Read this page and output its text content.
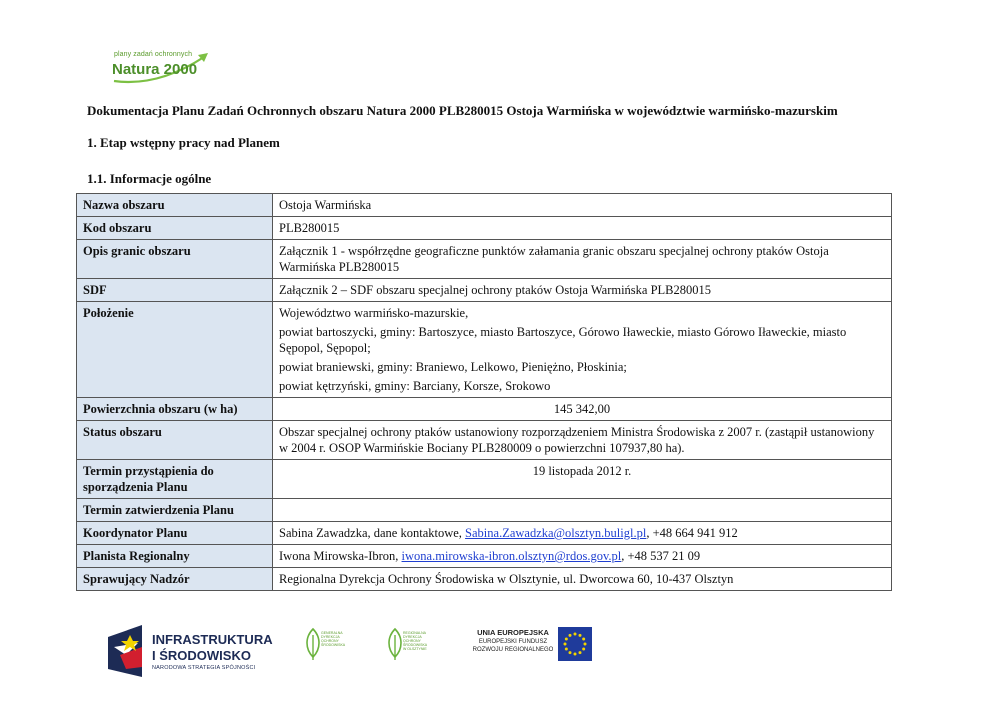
plany zadań ochronnych
Natura 2000
Dokumentacja Planu Zadań Ochronnych obszaru Natura 2000 PLB280015 Ostoja Warmińska w województwie warmińsko-mazurskim
1. Etap wstępny pracy nad Planem
1.1. Informacje ogólne
Nazwa obszaru	Ostoja Warmińska
Kod obszaru	PLB280015
Opis granic obszaru	Załącznik 1 - współrzędne geograficzne punktów załamania granic obszaru specjalnej ochrony ptaków Ostoja Warmińska PLB280015
SDF	Załącznik 2 – SDF obszaru specjalnej ochrony ptaków Ostoja Warmińska PLB280015
Położenie	Województwo warmińsko-mazurskie,
powiat bartoszycki, gminy: Bartoszyce, miasto Bartoszyce, Górowo Iławeckie, miasto Górowo Iławeckie, miasto Sępopol, Sępopol;
powiat braniewski, gminy: Braniewo, Lelkowo, Pieniężno, Płoskinia;
powiat kętrzyński, gminy: Barciany, Korsze, Srokowo

Powierzchnia obszaru (w ha)	145 342,00
Status obszaru	Obszar specjalnej ochrony ptaków ustanowiony rozporządzeniem Ministra Środowiska z 2007 r. (zastąpił ustanowiony w 2004 r. OSOP Warmińskie Bociany PLB280009 o powierzchni 107937,80 ha).
Termin przystąpienia do sporządzenia Planu	19 listopada 2012 r.
Termin zatwierdzenia Planu	
Koordynator Planu	Sabina Zawadzka, dane kontaktowe, Sabina.Zawadzka@olsztyn.buligl.pl, +48 664 941 912
Planista Regionalny	Iwona Mirowska-Ibron, iwona.mirowska-ibron.olsztyn@rdos.gov.pl, +48 537 21 09
Sprawujący Nadzór	Regionalna Dyrekcja Ochrony Środowiska w Olsztynie, ul. Dworcowa 60, 10-437 Olsztyn
INFRASTRUKTURA
I ŚRODOWISKO
NARODOWA STRATEGIA SPÓJNOŚCI
GENERALNA
DYREKCJA
OCHRONY
ŚRODOWISKA
REGIONALNA
DYREKCJA
OCHRONY
ŚRODOWISKA
W OLSZTYNIE
UNIA EUROPEJSKA
EUROPEJSKI FUNDUSZ
ROZWOJU REGIONALNEGO
